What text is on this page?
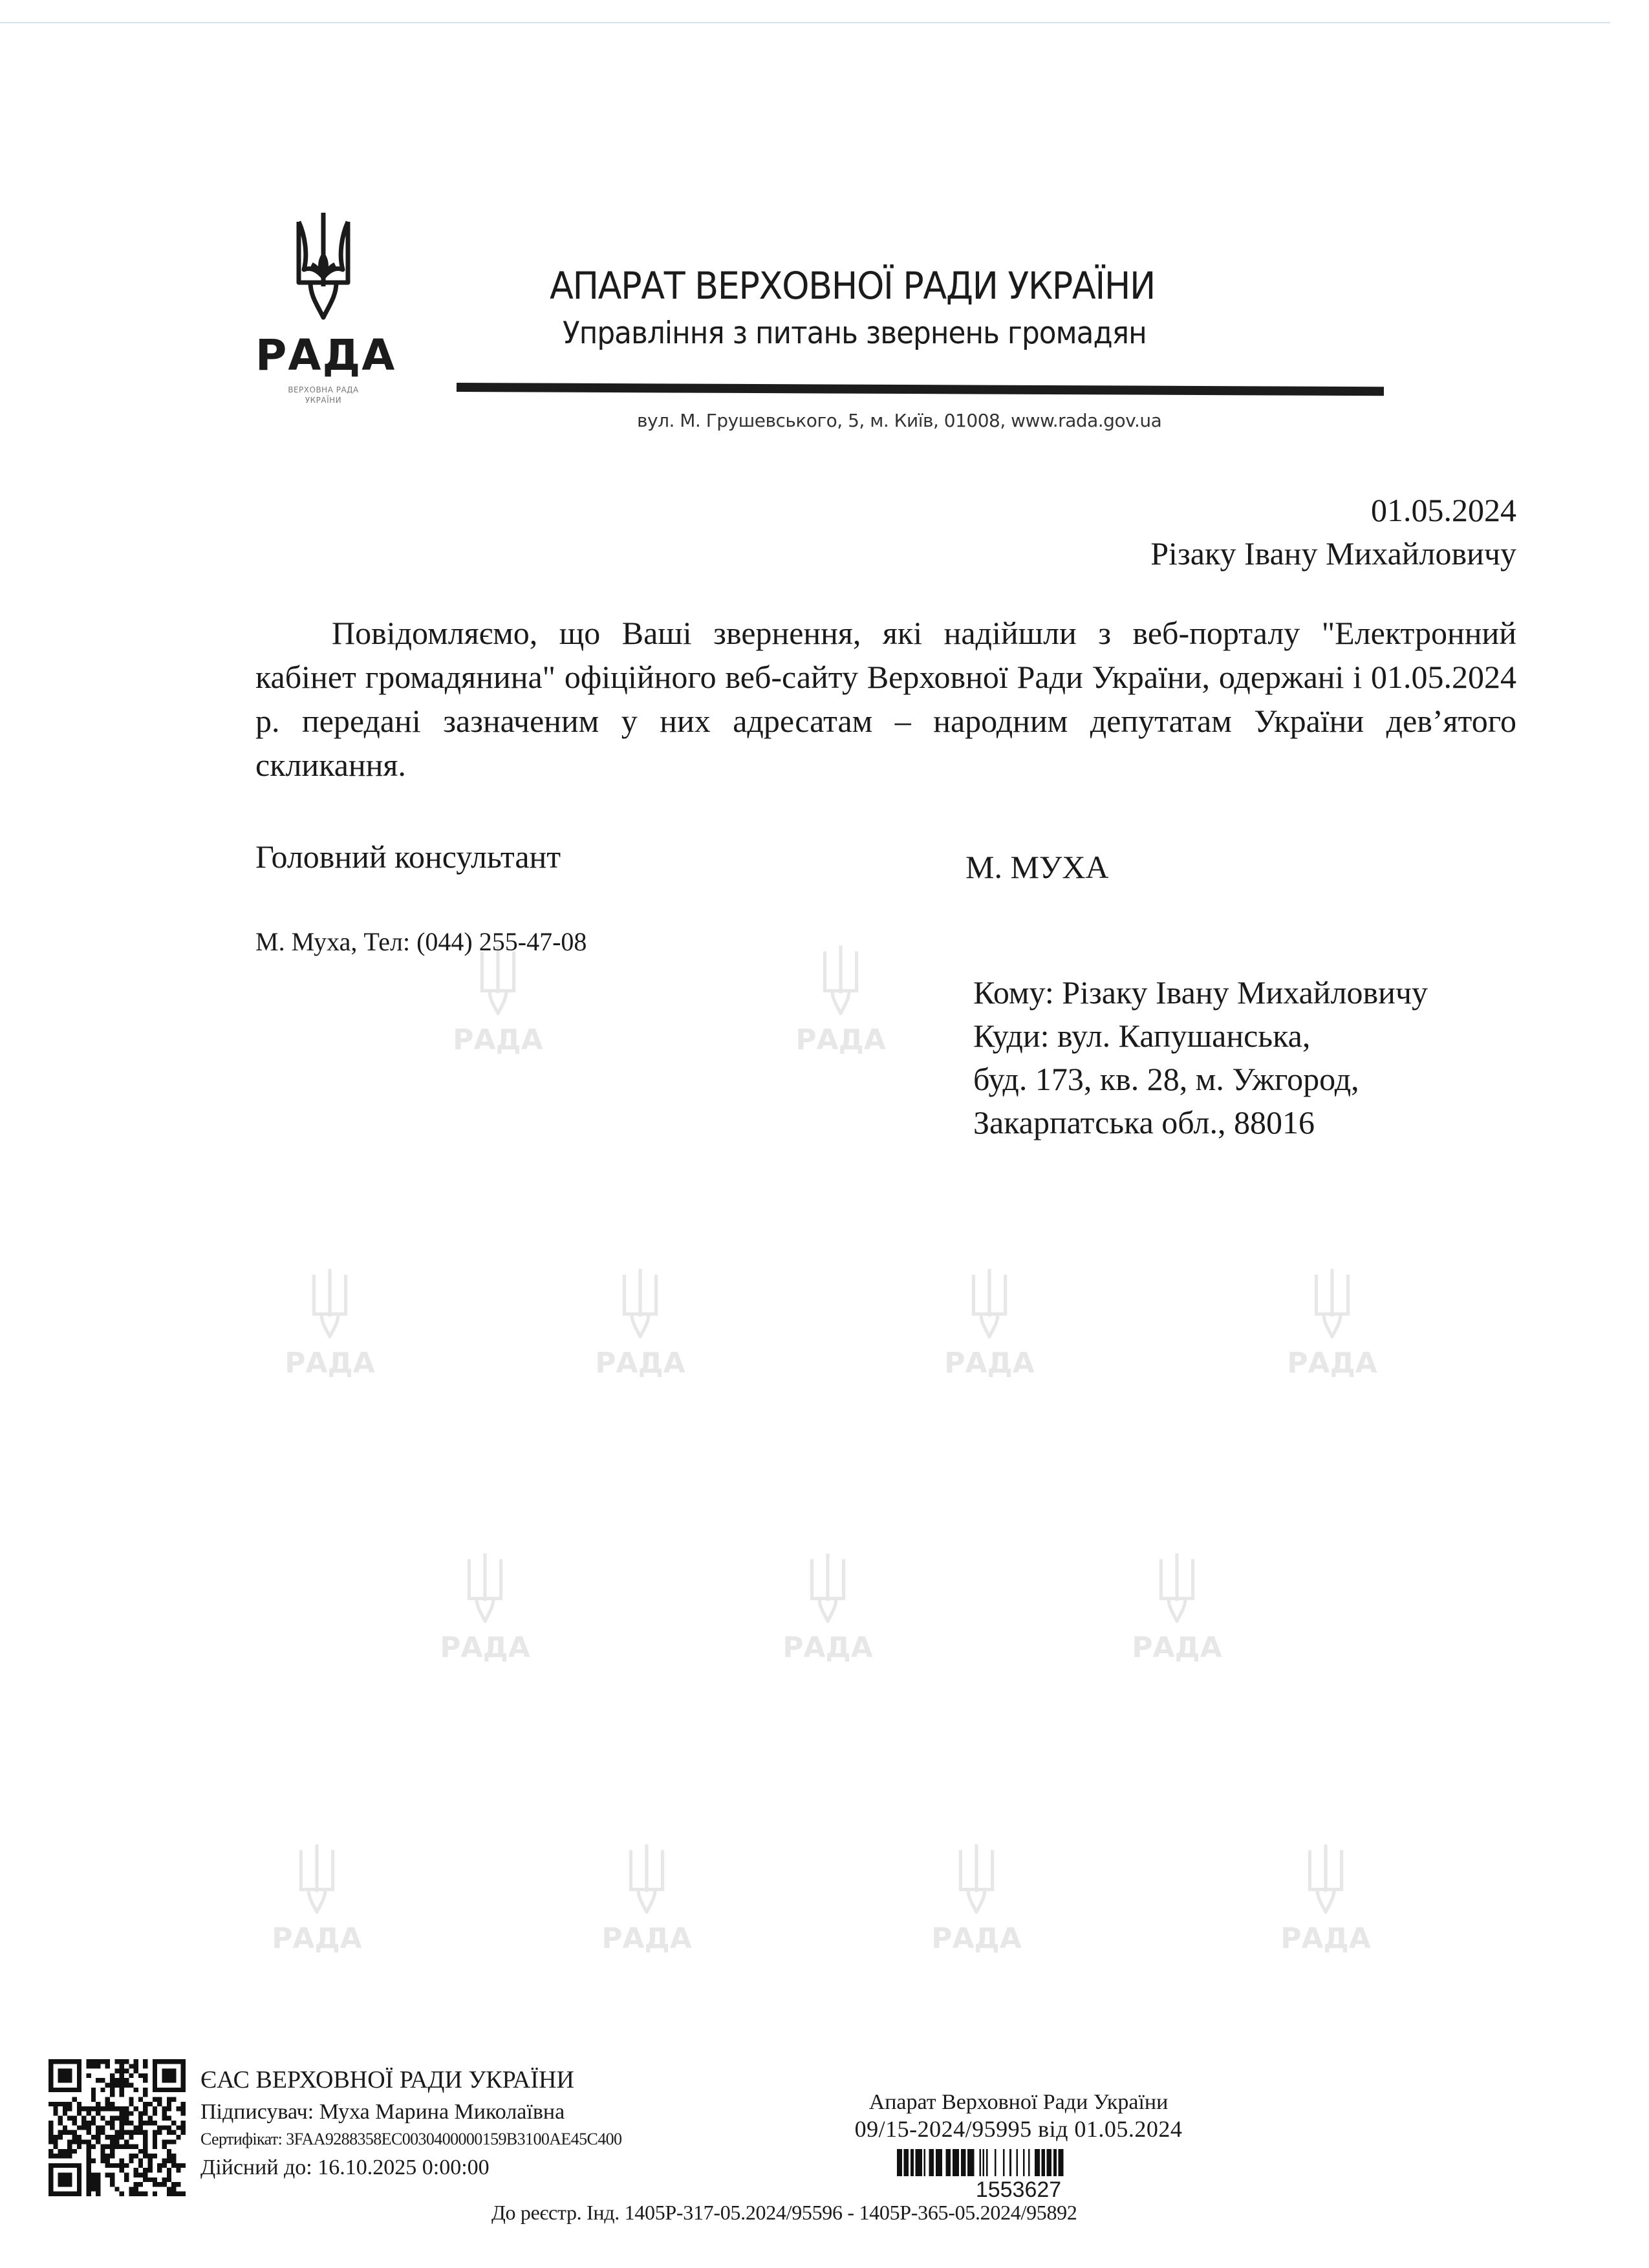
РАДА
ВЕРХОВНА РАДА
УКРАЇНИ
АПАРАТ ВЕРХОВНОЇ РАДИ УКРАЇНИ
Управління з питань звернень громадян
вул. М. Грушевського, 5, м. Київ, 01008, www.rada.gov.ua
01.05.2024
Різаку Івану Михайловичу
Повідомляємо, що Ваші звернення, які надійшли з веб-порталу "Електронний кабінет громадянина" офіційного веб-сайту Верховної Ради України, одержані і 01.05.2024 р. передані зазначеним у них адресатам – народним депутатам України дев’ятого скликання.
Головний консультант	М. МУХА
М. Муха, Тел: (044) 255-47-08
Кому: Різаку Івану Михайловичу
Куди: вул. Капушанська,
буд. 173, кв. 28, м. Ужгород,
Закарпатська обл., 88016
РАДА	РАДА
РАДА	РАДА	РАДА	РАДА
РАДА	РАДА	РАДА
РАДА	РАДА	РАДА	РАДА
ЄАС ВЕРХОВНОЇ РАДИ УКРАЇНИ
Підписувач: Муха Марина Миколаївна
Сертифікат: 3FAA9288358EC0030400000159B3100AE45C400
Дійсний до: 16.10.2025 0:00:00
Апарат Верховної Ради України
09/15-2024/95995 від 01.05.2024
1553627
До реєстр. Інд. 1405Р-317-05.2024/95596 - 1405Р-365-05.2024/95892
